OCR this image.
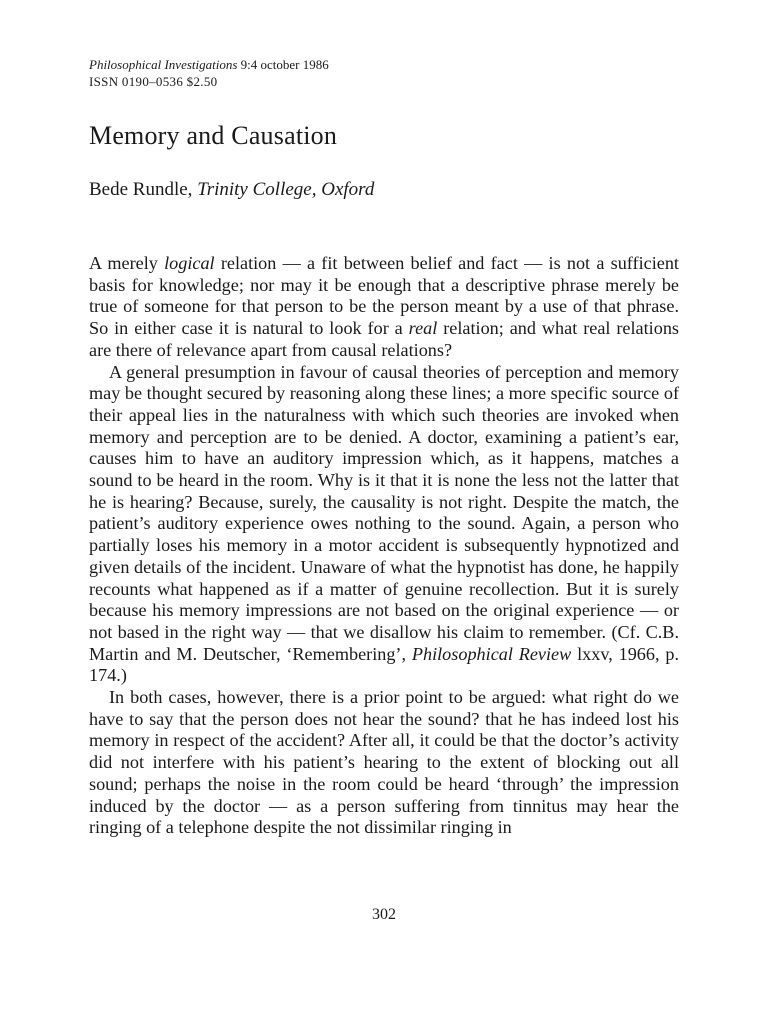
Philosophical Investigations 9:4 october 1986
ISSN 0190–0536 $2.50
Memory and Causation
Bede Rundle, Trinity College, Oxford

A merely logical relation — a fit between belief and fact — is not a sufficient basis for knowledge; nor may it be enough that a descriptive phrase merely be true of someone for that person to be the person meant by a use of that phrase. So in either case it is natural to look for a real relation; and what real relations are there of relevance apart from causal relations?

A general presumption in favour of causal theories of perception and memory may be thought secured by reasoning along these lines; a more specific source of their appeal lies in the naturalness with which such theories are invoked when memory and perception are to be denied. A doctor, examining a patient’s ear, causes him to have an auditory impression which, as it happens, matches a sound to be heard in the room. Why is it that it is none the less not the latter that he is hearing? Because, surely, the causality is not right. Despite the match, the patient’s auditory experience owes nothing to the sound. Again, a person who partially loses his memory in a motor accident is subsequently hypnotized and given details of the incident. Unaware of what the hypnotist has done, he happily recounts what happened as if a matter of genuine recollection. But it is surely because his memory impressions are not based on the original experience — or not based in the right way — that we disallow his claim to remember. (Cf. C.B. Martin and M. Deutscher, ‘Remembering’, Philosophical Review lxxv, 1966, p. 174.)

In both cases, however, there is a prior point to be argued: what right do we have to say that the person does not hear the sound? that he has indeed lost his memory in respect of the accident? After all, it could be that the doctor’s activity did not interfere with his patient’s hearing to the extent of blocking out all sound; perhaps the noise in the room could be heard ‘through’ the impression induced by the doctor — as a person suffering from tinnitus may hear the ringing of a telephone despite the not dissimilar ringing in

302
